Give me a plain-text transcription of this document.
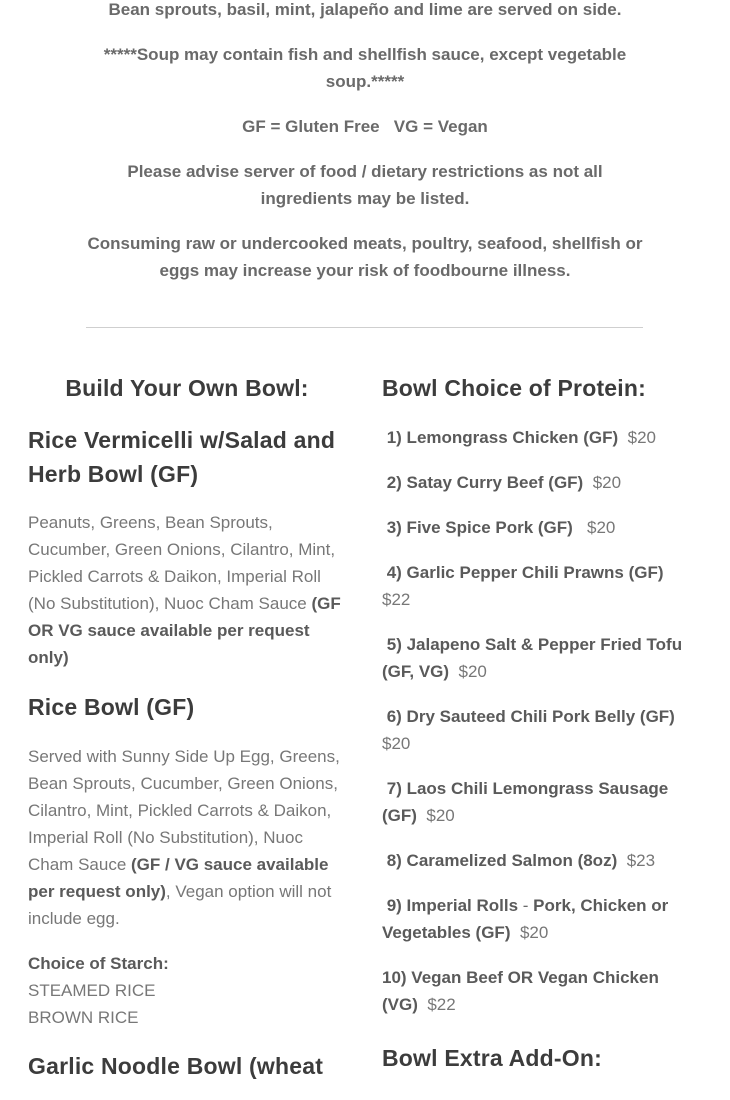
Bean sprouts, basil, mint, jalapeño and lime are served on side.

*****Soup may contain fish and shellfish sauce, except vegetable soup.*****

GF = Gluten Free   VG = Vegan

Please advise server of food / dietary restrictions as not all ingredients may be listed.

Consuming raw or undercooked meats, poultry, seafood, shellfish or eggs may increase your risk of foodbourne illness.

Build Your Own Bowl:
Rice Vermicelli w/Salad and Herb Bowl (GF)

Peanuts, Greens, Bean Sprouts, Cucumber, Green Onions, Cilantro, Mint, Pickled Carrots & Daikon, Imperial Roll (No Substitution), Nuoc Cham Sauce (GF OR VG sauce available per request only)

Rice Bowl (GF)

Served with Sunny Side Up Egg, Greens, Bean Sprouts, Cucumber, Green Onions, Cilantro, Mint, Pickled Carrots & Daikon, Imperial Roll (No Substitution), Nuoc Cham Sauce (GF / VG sauce available per request only), Vegan option will not include egg.

Choice of Starch:
STEAMED RICE
BROWN RICE

Garlic Noodle Bowl (wheat
Bowl Choice of Protein:

1) Lemongrass Chicken (GF) $20

2) Satay Curry Beef (GF) $20

3) Five Spice Pork (GF)   $20

4) Garlic Pepper Chili Prawns (GF)
$22

5) Jalapeno Salt & Pepper Fried Tofu (GF, VG) $20

6) Dry Sauteed Chili Pork Belly (GF)
$20

7) Laos Chili Lemongrass Sausage (GF) $20

8) Caramelized Salmon (8oz) $23

9) Imperial Rolls - Pork, Chicken or Vegetables (GF) $20

10) Vegan Beef OR Vegan Chicken (VG) $22

Bowl Extra Add-On:
